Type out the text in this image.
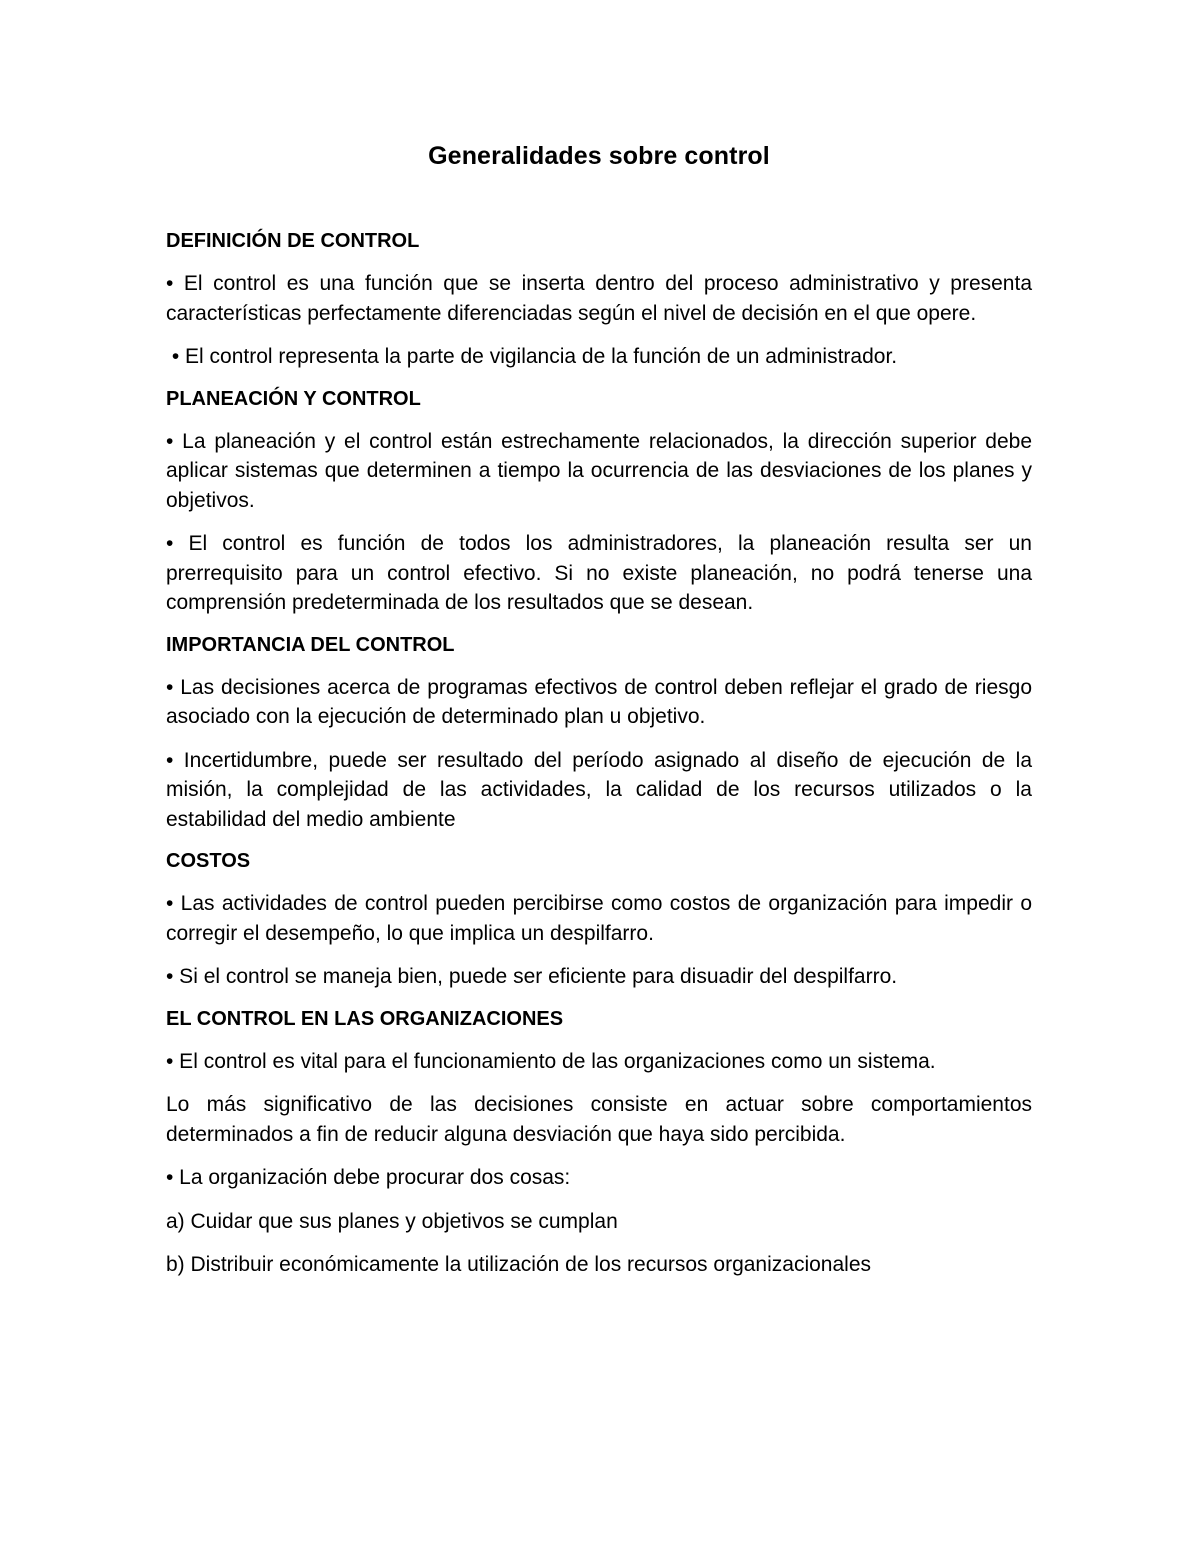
Generalidades sobre control
DEFINICIÓN DE CONTROL

• El control es una función que se inserta dentro del proceso administrativo y presenta características perfectamente diferenciadas según el nivel de decisión en el que opere.

• El control representa la parte de vigilancia de la función de un administrador.

PLANEACIÓN Y CONTROL

• La planeación y el control están estrechamente relacionados, la dirección superior debe aplicar sistemas que determinen a tiempo la ocurrencia de las desviaciones de los planes y objetivos.

• El control es función de todos los administradores, la planeación resulta ser un prerrequisito para un control efectivo. Si no existe planeación, no podrá tenerse una comprensión predeterminada de los resultados que se desean.

IMPORTANCIA DEL CONTROL

• Las decisiones acerca de programas efectivos de control deben reflejar el grado de riesgo asociado con la ejecución de determinado plan u objetivo.

• Incertidumbre, puede ser resultado del período asignado al diseño de ejecución de la misión, la complejidad de las actividades, la calidad de los recursos utilizados o la estabilidad del medio ambiente

COSTOS

• Las actividades de control pueden percibirse como costos de organización para impedir o corregir el desempeño, lo que implica un despilfarro.

• Si el control se maneja bien, puede ser eficiente para disuadir del despilfarro.

EL CONTROL EN LAS ORGANIZACIONES

• El control es vital para el funcionamiento de las organizaciones como un sistema.

Lo más significativo de las decisiones consiste en actuar sobre comportamientos determinados a fin de reducir alguna desviación que haya sido percibida.

• La organización debe procurar dos cosas:

a) Cuidar que sus planes y objetivos se cumplan

b) Distribuir económicamente la utilización de los recursos organizacionales
